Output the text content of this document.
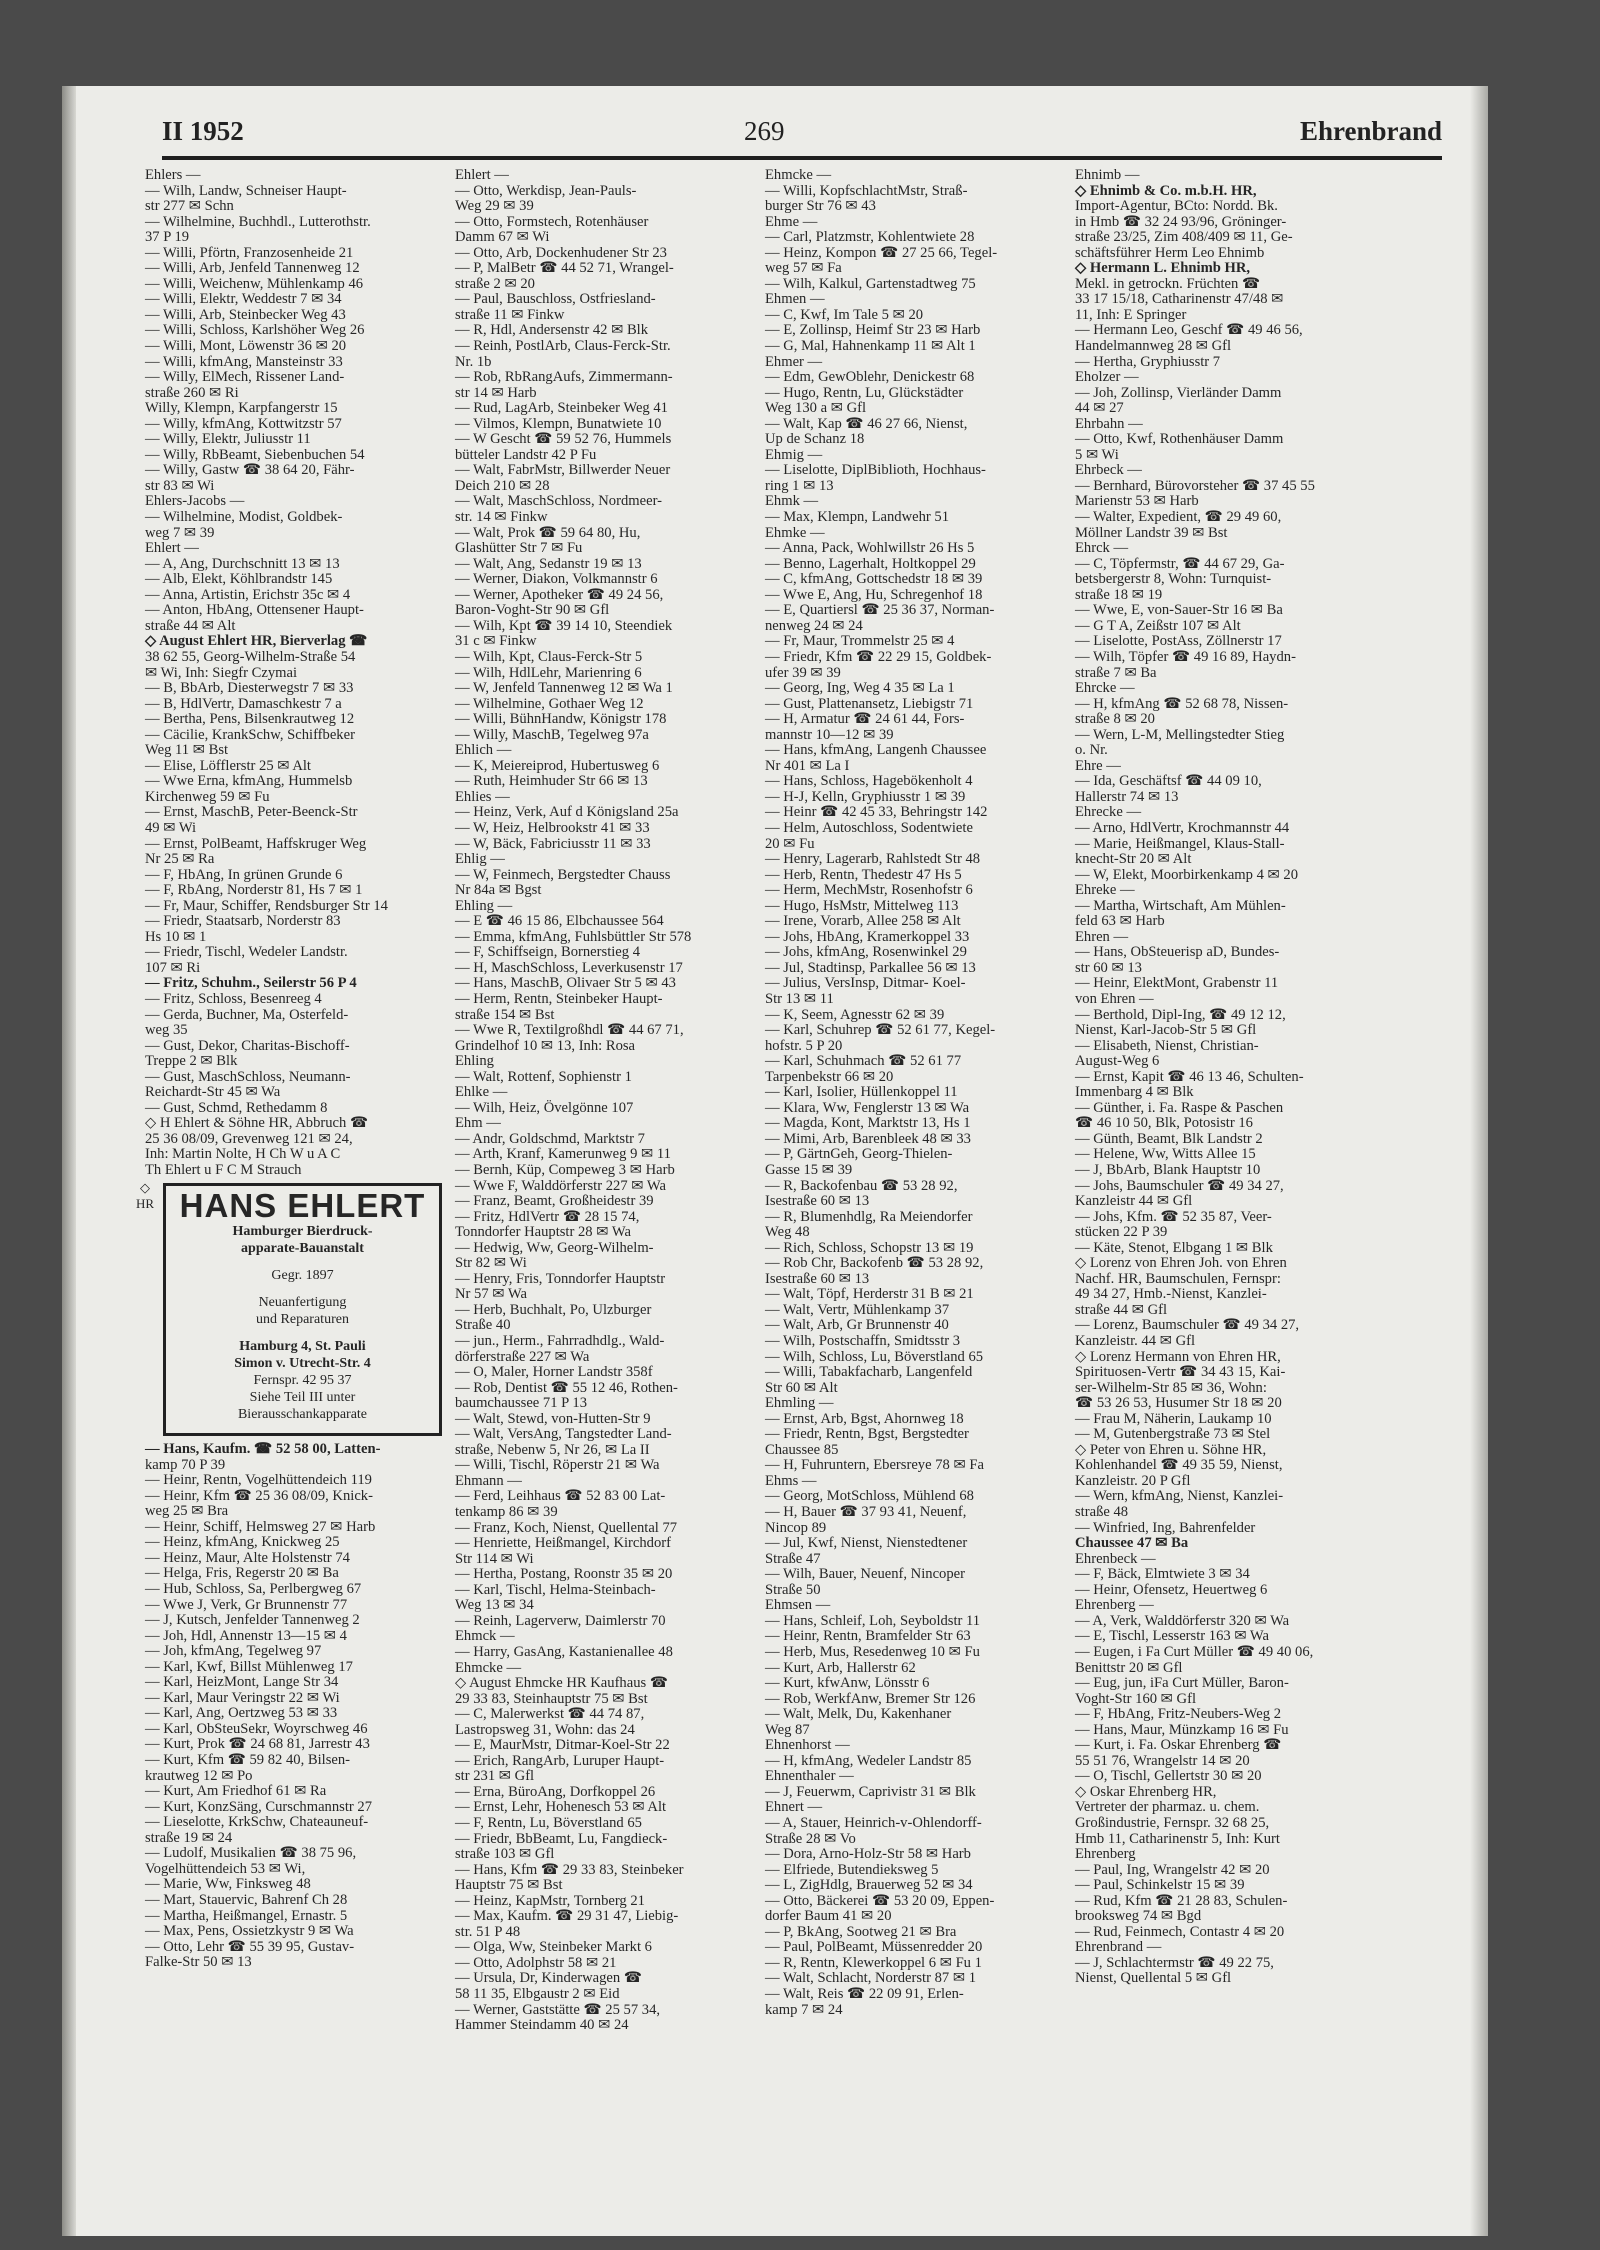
II 1952	269	Ehrenbrand
Ehlers —
— Wilh, Landw, Schneiser Haupt-
str 277 ✉ Schn
— Wilhelmine, Buchhdl., Lutterothstr.
37 P 19
— Willi, Pförtn, Franzosenheide 21
— Willi, Arb, Jenfeld Tannenweg 12
— Willi, Weichenw, Mühlenkamp 46
— Willi, Elektr, Weddestr 7 ✉ 34
— Willi, Arb, Steinbecker Weg 43
— Willi, Schloss, Karlshöher Weg 26
— Willi, Mont, Löwenstr 36 ✉ 20
— Willi, kfmAng, Mansteinstr 33
— Willy, ElMech, Rissener Land-
straße 260 ✉ Ri
Willy, Klempn, Karpfangerstr 15
— Willy, kfmAng, Kottwitzstr 57
— Willy, Elektr, Juliusstr 11
— Willy, RbBeamt, Siebenbuchen 54
— Willy, Gastw ☎ 38 64 20, Fähr-
str 83 ✉ Wi
Ehlers-Jacobs —
— Wilhelmine, Modist, Goldbek-
weg 7 ✉ 39
Ehlert —
— A, Ang, Durchschnitt 13 ✉ 13
— Alb, Elekt, Köhlbrandstr 145
— Anna, Artistin, Erichstr 35c ✉ 4
— Anton, HbAng, Ottensener Haupt-
straße 44 ✉ Alt
◇ August Ehlert HR, Bierverlag ☎
38 62 55, Georg-Wilhelm-Straße 54
✉ Wi, Inh: Siegfr Czymai
— B, BbArb, Diesterwegstr 7 ✉ 33
— B, HdlVertr, Damaschkestr 7 a
— Bertha, Pens, Bilsenkrautweg 12
— Cäcilie, KrankSchw, Schiffbeker
Weg 11 ✉ Bst
— Elise, Löfflerstr 25 ✉ Alt
— Wwe Erna, kfmAng, Hummelsb
Kirchenweg 59 ✉ Fu
— Ernst, MaschB, Peter-Beenck-Str
49 ✉ Wi
— Ernst, PolBeamt, Haffskruger Weg
Nr 25 ✉ Ra
— F, HbAng, In grünen Grunde 6
— F, RbAng, Norderstr 81, Hs 7 ✉ 1
— Fr, Maur, Schiffer, Rendsburger Str 14
— Friedr, Staatsarb, Norderstr 83
Hs 10 ✉ 1
— Friedr, Tischl, Wedeler Landstr.
107 ✉ Ri
— Fritz, Schuhm., Seilerstr 56 P 4
— Fritz, Schloss, Besenreeg 4
— Gerda, Buchner, Ma, Osterfeld-
weg 35
— Gust, Dekor, Charitas-Bischoff-
Treppe 2 ✉ Blk
— Gust, MaschSchloss, Neumann-
Reichardt-Str 45 ✉ Wa
— Gust, Schmd, Rethedamm 8
◇ H Ehlert & Söhne HR, Abbruch ☎
25 36 08/09, Grevenweg 121 ✉ 24,
Inh: Martin Nolte, H Ch W u A C
Th Ehlert u F C M Strauch
◇ HR HANS EHLERT
Hamburger Bierdruck-
apparate-Bauanstalt
Gegr. 1897
Neuanfertigung
und Reparaturen
Hamburg 4, St. Pauli
Simon v. Utrecht-Str. 4
Fernspr. 42 95 37
Siehe Teil III unter
Bierausschankapparate
— Hans, Kaufm. ☎ 52 58 00, Latten-
kamp 70 P 39
— Heinr, Rentn, Vogelhüttendeich 119
— Heinr, Kfm ☎ 25 36 08/09, Knick-
weg 25 ✉ Bra
— Heinr, Schiff, Helmsweg 27 ✉ Harb
— Heinz, kfmAng, Knickweg 25
— Heinz, Maur, Alte Holstenstr 74
— Helga, Fris, Regerstr 20 ✉ Ba
— Hub, Schloss, Sa, Perlbergweg 67
— Wwe J, Verk, Gr Brunnenstr 77
— J, Kutsch, Jenfelder Tannenweg 2
— Joh, Hdl, Annenstr 13—15 ✉ 4
— Joh, kfmAng, Tegelweg 97
— Karl, Kwf, Billst Mühlenweg 17
— Karl, HeizMont, Lange Str 34
— Karl, Maur Veringstr 22 ✉ Wi
— Karl, Ang, Oertzweg 53 ✉ 33
— Karl, ObSteuSekr, Woyrschweg 46
— Kurt, Prok ☎ 24 68 81, Jarrestr 43
— Kurt, Kfm ☎ 59 82 40, Bilsen-
krautweg 12 ✉ Po
— Kurt, Am Friedhof 61 ✉ Ra
— Kurt, KonzSäng, Curschmannstr 27
— Lieselotte, KrkSchw, Chateauneuf-
straße 19 ✉ 24
— Ludolf, Musikalien ☎ 38 75 96,
Vogelhüttendeich 53 ✉ Wi,
— Marie, Ww, Finksweg 48
— Mart, Stauervic, Bahrenf Ch 28
— Martha, Heißmangel, Ernastr. 5
— Max, Pens, Ossietzkystr 9 ✉ Wa
— Otto, Lehr ☎ 55 39 95, Gustav-
Falke-Str 50 ✉ 13
Ehlert —
— Otto, Werkdisp, Jean-Pauls-
Weg 29 ✉ 39
— Otto, Formstech, Rotenhäuser
Damm 67 ✉ Wi
— Otto, Arb, Dockenhudener Str 23
— P, MalBetr ☎ 44 52 71, Wrangel-
straße 2 ✉ 20
— Paul, Bauschloss, Ostfriesland-
straße 11 ✉ Finkw
— R, Hdl, Andersenstr 42 ✉ Blk
— Reinh, PostlArb, Claus-Ferck-Str.
Nr. 1b
— Rob, RbRangAufs, Zimmermann-
str 14 ✉ Harb
— Rud, LagArb, Steinbeker Weg 41
— Vilmos, Klempn, Bunatwiete 10
— W Gescht ☎ 59 52 76, Hummels
bütteler Landstr 42 P Fu
— Walt, FabrMstr, Billwerder Neuer
Deich 210 ✉ 28
— Walt, MaschSchloss, Nordmeer-
str. 14 ✉ Finkw
— Walt, Prok ☎ 59 64 80, Hu,
Glashütter Str 7 ✉ Fu
— Walt, Ang, Sedanstr 19 ✉ 13
— Werner, Diakon, Volkmannstr 6
— Werner, Apotheker ☎ 49 24 56,
Baron-Voght-Str 90 ✉ Gfl
— Wilh, Kpt ☎ 39 14 10, Steendiek
31 c ✉ Finkw
— Wilh, Kpt, Claus-Ferck-Str 5
— Wilh, HdlLehr, Marienring 6
— W, Jenfeld Tannenweg 12 ✉ Wa 1
— Wilhelmine, Gothaer Weg 12
— Willi, BühnHandw, Königstr 178
— Willy, MaschB, Tegelweg 97a
Ehlich —
— K, Meiereiprod, Hubertusweg 6
— Ruth, Heimhuder Str 66 ✉ 13
Ehlies —
— Heinz, Verk, Auf d Königsland 25a
— W, Heiz, Helbrookstr 41 ✉ 33
— W, Bäck, Fabriciusstr 11 ✉ 33
Ehlig —
— W, Feinmech, Bergstedter Chauss
Nr 84a ✉ Bgst
Ehling —
— E ☎ 46 15 86, Elbchaussee 564
— Emma, kfmAng, Fuhlsbüttler Str 578
— F, Schiffseign, Bornerstieg 4
— H, MaschSchloss, Leverkusenstr 17
— Hans, MaschB, Olivaer Str 5 ✉ 43
— Herm, Rentn, Steinbeker Haupt-
straße 154 ✉ Bst
— Wwe R, Textilgroßhdl ☎ 44 67 71,
Grindelhof 10 ✉ 13, Inh: Rosa
Ehling
— Walt, Rottenf, Sophienstr 1
Ehlke —
— Wilh, Heiz, Övelgönne 107
Ehm —
— Andr, Goldschmd, Marktstr 7
— Arth, Kranf, Kamerunweg 9 ✉ 11
— Bernh, Küp, Compeweg 3 ✉ Harb
— Wwe F, Walddörferstr 227 ✉ Wa
— Franz, Beamt, Großheidestr 39
— Fritz, HdlVertr ☎ 28 15 74,
Tonndorfer Hauptstr 28 ✉ Wa
— Hedwig, Ww, Georg-Wilhelm-
Str 82 ✉ Wi
— Henry, Fris, Tonndorfer Hauptstr
Nr 57 ✉ Wa
— Herb, Buchhalt, Po, Ulzburger
Straße 40
— jun., Herm., Fahrradhdlg., Wald-
dörferstraße 227 ✉ Wa
— O, Maler, Horner Landstr 358f
— Rob, Dentist ☎ 55 12 46, Rothen-
baumchaussee 71 P 13
— Walt, Stewd, von-Hutten-Str 9
— Walt, VersAng, Tangstedter Land-
straße, Nebenw 5, Nr 26, ✉ La II
— Willi, Tischl, Röperstr 21 ✉ Wa
Ehmann —
— Ferd, Leihhaus ☎ 52 83 00 Lat-
tenkamp 86 ✉ 39
— Franz, Koch, Nienst, Quellental 77
— Henriette, Heißmangel, Kirchdorf
Str 114 ✉ Wi
— Hertha, Postang, Roonstr 35 ✉ 20
— Karl, Tischl, Helma-Steinbach-
Weg 13 ✉ 34
— Reinh, Lagerverw, Daimlerstr 70
Ehmck —
— Harry, GasAng, Kastanienallee 48
Ehmcke —
◇ August Ehmcke HR Kaufhaus ☎
29 33 83, Steinhauptstr 75 ✉ Bst
— C, Malerwerkst ☎ 44 74 87,
Lastropsweg 31, Wohn: das 24
— E, MaurMstr, Ditmar-Koel-Str 22
— Erich, RangArb, Luruper Haupt-
str 231 ✉ Gfl
— Erna, BüroAng, Dorfkoppel 26
— Ernst, Lehr, Hohenesch 53 ✉ Alt
— F, Rentn, Lu, Böverstland 65
— Friedr, BbBeamt, Lu, Fangdieck-
straße 103 ✉ Gfl
— Hans, Kfm ☎ 29 33 83, Steinbeker
Hauptstr 75 ✉ Bst
— Heinz, KapMstr, Tornberg 21
— Max, Kaufm. ☎ 29 31 47, Liebig-
str. 51 P 48
— Olga, Ww, Steinbeker Markt 6
— Otto, Adolphstr 58 ✉ 21
— Ursula, Dr, Kinderwagen ☎
58 11 35, Elbgaustr 2 ✉ Eid
— Werner, Gaststätte ☎ 25 57 34,
Hammer Steindamm 40 ✉ 24
Ehmcke —
— Willi, KopfschlachtMstr, Straß-
burger Str 76 ✉ 43
Ehme —
— Carl, Platzmstr, Kohlentwiete 28
— Heinz, Kompon ☎ 27 25 66, Tegel-
weg 57 ✉ Fa
— Wilh, Kalkul, Gartenstadtweg 75
Ehmen —
— C, Kwf, Im Tale 5 ✉ 20
— E, Zollinsp, Heimf Str 23 ✉ Harb
— G, Mal, Hahnenkamp 11 ✉ Alt 1
Ehmer —
— Edm, GewOblehr, Denickestr 68
— Hugo, Rentn, Lu, Glückstädter
Weg 130 a ✉ Gfl
— Walt, Kap ☎ 46 27 66, Nienst,
Up de Schanz 18
Ehmig —
— Liselotte, DiplBiblioth, Hochhaus-
ring 1 ✉ 13
Ehmk —
— Max, Klempn, Landwehr 51
Ehmke —
— Anna, Pack, Wohlwillstr 26 Hs 5
— Benno, Lagerhalt, Holtkoppel 29
— C, kfmAng, Gottschedstr 18 ✉ 39
— Wwe E, Ang, Hu, Schregenhof 18
— E, Quartiersl ☎ 25 36 37, Norman-
nenweg 24 ✉ 24
— Fr, Maur, Trommelstr 25 ✉ 4
— Friedr, Kfm ☎ 22 29 15, Goldbek-
ufer 39 ✉ 39
— Georg, Ing, Weg 4 35 ✉ La 1
— Gust, Plattenansetz, Liebigstr 71
— H, Armatur ☎ 24 61 44, Fors-
mannstr 10—12 ✉ 39
— Hans, kfmAng, Langenh Chaussee
Nr 401 ✉ La I
— Hans, Schloss, Hagebökenholt 4
— H-J, Kelln, Gryphiusstr 1 ✉ 39
— Heinr ☎ 42 45 33, Behringstr 142
— Helm, Autoschloss, Sodentwiete
20 ✉ Fu
— Henry, Lagerarb, Rahlstedt Str 48
— Herb, Rentn, Thedestr 47 Hs 5
— Herm, MechMstr, Rosenhofstr 6
— Hugo, HsMstr, Mittelweg 113
— Irene, Vorarb, Allee 258 ✉ Alt
— Johs, HbAng, Kramerkoppel 33
— Johs, kfmAng, Rosenwinkel 29
— Jul, Stadtinsp, Parkallee 56 ✉ 13
— Julius, VersInsp, Ditmar- Koel-
Str 13 ✉ 11
— K, Seem, Agnesstr 62 ✉ 39
— Karl, Schuhrep ☎ 52 61 77, Kegel-
hofstr. 5 P 20
— Karl, Schuhmach ☎ 52 61 77
Tarpenbekstr 66 ✉ 20
— Karl, Isolier, Hüllenkoppel 11
— Klara, Ww, Fenglerstr 13 ✉ Wa
— Magda, Kont, Marktstr 13, Hs 1
— Mimi, Arb, Barenbleek 48 ✉ 33
— P, GärtnGeh, Georg-Thielen-
Gasse 15 ✉ 39
— R, Backofenbau ☎ 53 28 92,
Isestraße 60 ✉ 13
— R, Blumenhdlg, Ra Meiendorfer
Weg 48
— Rich, Schloss, Schopstr 13 ✉ 19
— Rob Chr, Backofenb ☎ 53 28 92,
Isestraße 60 ✉ 13
— Walt, Töpf, Herderstr 31 B ✉ 21
— Walt, Vertr, Mühlenkamp 37
— Walt, Arb, Gr Brunnenstr 40
— Wilh, Postschaffn, Smidtsstr 3
— Wilh, Schloss, Lu, Böverstland 65
— Willi, Tabakfacharb, Langenfeld
Str 60 ✉ Alt
Ehmling —
— Ernst, Arb, Bgst, Ahornweg 18
— Friedr, Rentn, Bgst, Bergstedter
Chaussee 85
— H, Fuhruntern, Ebersreye 78 ✉ Fa
Ehms —
— Georg, MotSchloss, Mühlend 68
— H, Bauer ☎ 37 93 41, Neuenf,
Nincop 89
— Jul, Kwf, Nienst, Nienstedtener
Straße 47
— Wilh, Bauer, Neuenf, Nincoper
Straße 50
Ehmsen —
— Hans, Schleif, Loh, Seyboldstr 11
— Heinr, Rentn, Bramfelder Str 63
— Herb, Mus, Resedenweg 10 ✉ Fu
— Kurt, Arb, Hallerstr 62
— Kurt, kfwAnw, Lönsstr 6
— Rob, WerkfAnw, Bremer Str 126
— Walt, Melk, Du, Kakenhaner
Weg 87
Ehnenhorst —
— H, kfmAng, Wedeler Landstr 85
Ehnenthaler —
— J, Feuerwm, Caprivistr 31 ✉ Blk
Ehnert —
— A, Stauer, Heinrich-v-Ohlendorff-
Straße 28 ✉ Vo
— Dora, Arno-Holz-Str 58 ✉ Harb
— Elfriede, Butendieksweg 5
— L, ZigHdlg, Brauerweg 52 ✉ 34
— Otto, Bäckerei ☎ 53 20 09, Eppen-
dorfer Baum 41 ✉ 20
— P, BkAng, Sootweg 21 ✉ Bra
— Paul, PolBeamt, Müssenredder 20
— R, Rentn, Klewerkoppel 6 ✉ Fu 1
— Walt, Schlacht, Norderstr 87 ✉ 1
— Walt, Reis ☎ 22 09 91, Erlen-
kamp 7 ✉ 24
Ehnimb —
◇ Ehnimb & Co. m.b.H. HR,
Import-Agentur, BCto: Nordd. Bk.
in Hmb ☎ 32 24 93/96, Gröninger-
straße 23/25, Zim 408/409 ✉ 11, Ge-
schäftsführer Herm Leo Ehnimb
◇ Hermann L. Ehnimb HR,
Mekl. in getrockn. Früchten ☎
33 17 15/18, Catharinenstr 47/48 ✉
11, Inh: E Springer
— Hermann Leo, Geschf ☎ 49 46 56,
Handelmannweg 28 ✉ Gfl
— Hertha, Gryphiusstr 7
Eholzer —
— Joh, Zollinsp, Vierländer Damm
44 ✉ 27
Ehrbahn —
— Otto, Kwf, Rothenhäuser Damm
5 ✉ Wi
Ehrbeck —
— Bernhard, Bürovorsteher ☎ 37 45 55
Marienstr 53 ✉ Harb
— Walter, Expedient, ☎ 29 49 60,
Möllner Landstr 39 ✉ Bst
Ehrck —
— C, Töpfermstr, ☎ 44 67 29, Ga-
betsbergerstr 8, Wohn: Turnquist-
straße 18 ✉ 19
— Wwe, E, von-Sauer-Str 16 ✉ Ba
— G T A, Zeißstr 107 ✉ Alt
— Liselotte, PostAss, Zöllnerstr 17
— Wilh, Töpfer ☎ 49 16 89, Haydn-
straße 7 ✉ Ba
Ehrcke —
— H, kfmAng ☎ 52 68 78, Nissen-
straße 8 ✉ 20
— Wern, L-M, Mellingstedter Stieg
o. Nr.
Ehre —
— Ida, Geschäftsf ☎ 44 09 10,
Hallerstr 74 ✉ 13
Ehrecke —
— Arno, HdlVertr, Krochmannstr 44
— Marie, Heißmangel, Klaus-Stall-
knecht-Str 20 ✉ Alt
— W, Elekt, Moorbirkenkamp 4 ✉ 20
Ehreke —
— Martha, Wirtschaft, Am Mühlen-
feld 63 ✉ Harb
Ehren —
— Hans, ObSteuerisp aD, Bundes-
str 60 ✉ 13
— Heinr, ElektMont, Grabenstr 11
von Ehren —
— Berthold, Dipl-Ing, ☎ 49 12 12,
Nienst, Karl-Jacob-Str 5 ✉ Gfl
— Elisabeth, Nienst, Christian-
August-Weg 6
— Ernst, Kapit ☎ 46 13 46, Schulten-
Immenbarg 4 ✉ Blk
— Günther, i. Fa. Raspe & Paschen
☎ 46 10 50, Blk, Potosistr 16
— Günth, Beamt, Blk Landstr 2
— Helene, Ww, Witts Allee 15
— J, BbArb, Blank Hauptstr 10
— Johs, Baumschuler ☎ 49 34 27,
Kanzleistr 44 ✉ Gfl
— Johs, Kfm. ☎ 52 35 87, Veer-
stücken 22 P 39
— Käte, Stenot, Elbgang 1 ✉ Blk
◇ Lorenz von Ehren Joh. von Ehren
Nachf. HR, Baumschulen, Fernspr:
49 34 27, Hmb.-Nienst, Kanzlei-
straße 44 ✉ Gfl
— Lorenz, Baumschuler ☎ 49 34 27,
Kanzleistr. 44 ✉ Gfl
◇ Lorenz Hermann von Ehren HR,
Spirituosen-Vertr ☎ 34 43 15, Kai-
ser-Wilhelm-Str 85 ✉ 36, Wohn:
☎ 53 26 53, Husumer Str 18 ✉ 20
— Frau M, Näherin, Laukamp 10
— M, Gutenbergstraße 73 ✉ Stel
◇ Peter von Ehren u. Söhne HR,
Kohlenhandel ☎ 49 35 59, Nienst,
Kanzleistr. 20 P Gfl
— Wern, kfmAng, Nienst, Kanzlei-
straße 48
— Winfried, Ing, Bahrenfelder
Chaussee 47 ✉ Ba
Ehrenbeck —
— F, Bäck, Elmtwiete 3 ✉ 34
— Heinr, Ofensetz, Heuertweg 6
Ehrenberg —
— A, Verk, Walddörferstr 320 ✉ Wa
— E, Tischl, Lesserstr 163 ✉ Wa
— Eugen, i Fa Curt Müller ☎ 49 40 06,
Benittstr 20 ✉ Gfl
— Eug, jun, iFa Curt Müller, Baron-
Voght-Str 160 ✉ Gfl
— F, HbAng, Fritz-Neubers-Weg 2
— Hans, Maur, Münzkamp 16 ✉ Fu
— Kurt, i. Fa. Oskar Ehrenberg ☎
55 51 76, Wrangelstr 14 ✉ 20
— O, Tischl, Gellertstr 30 ✉ 20
◇ Oskar Ehrenberg HR,
Vertreter der pharmaz. u. chem.
Großindustrie, Fernspr. 32 68 25,
Hmb 11, Catharinenstr 5, Inh: Kurt
Ehrenberg
— Paul, Ing, Wrangelstr 42 ✉ 20
— Paul, Schinkelstr 15 ✉ 39
— Rud, Kfm ☎ 21 28 83, Schulen-
brooksweg 74 ✉ Bgd
— Rud, Feinmech, Contastr 4 ✉ 20
Ehrenbrand —
— J, Schlachtermstr ☎ 49 22 75,
Nienst, Quellental 5 ✉ Gfl
